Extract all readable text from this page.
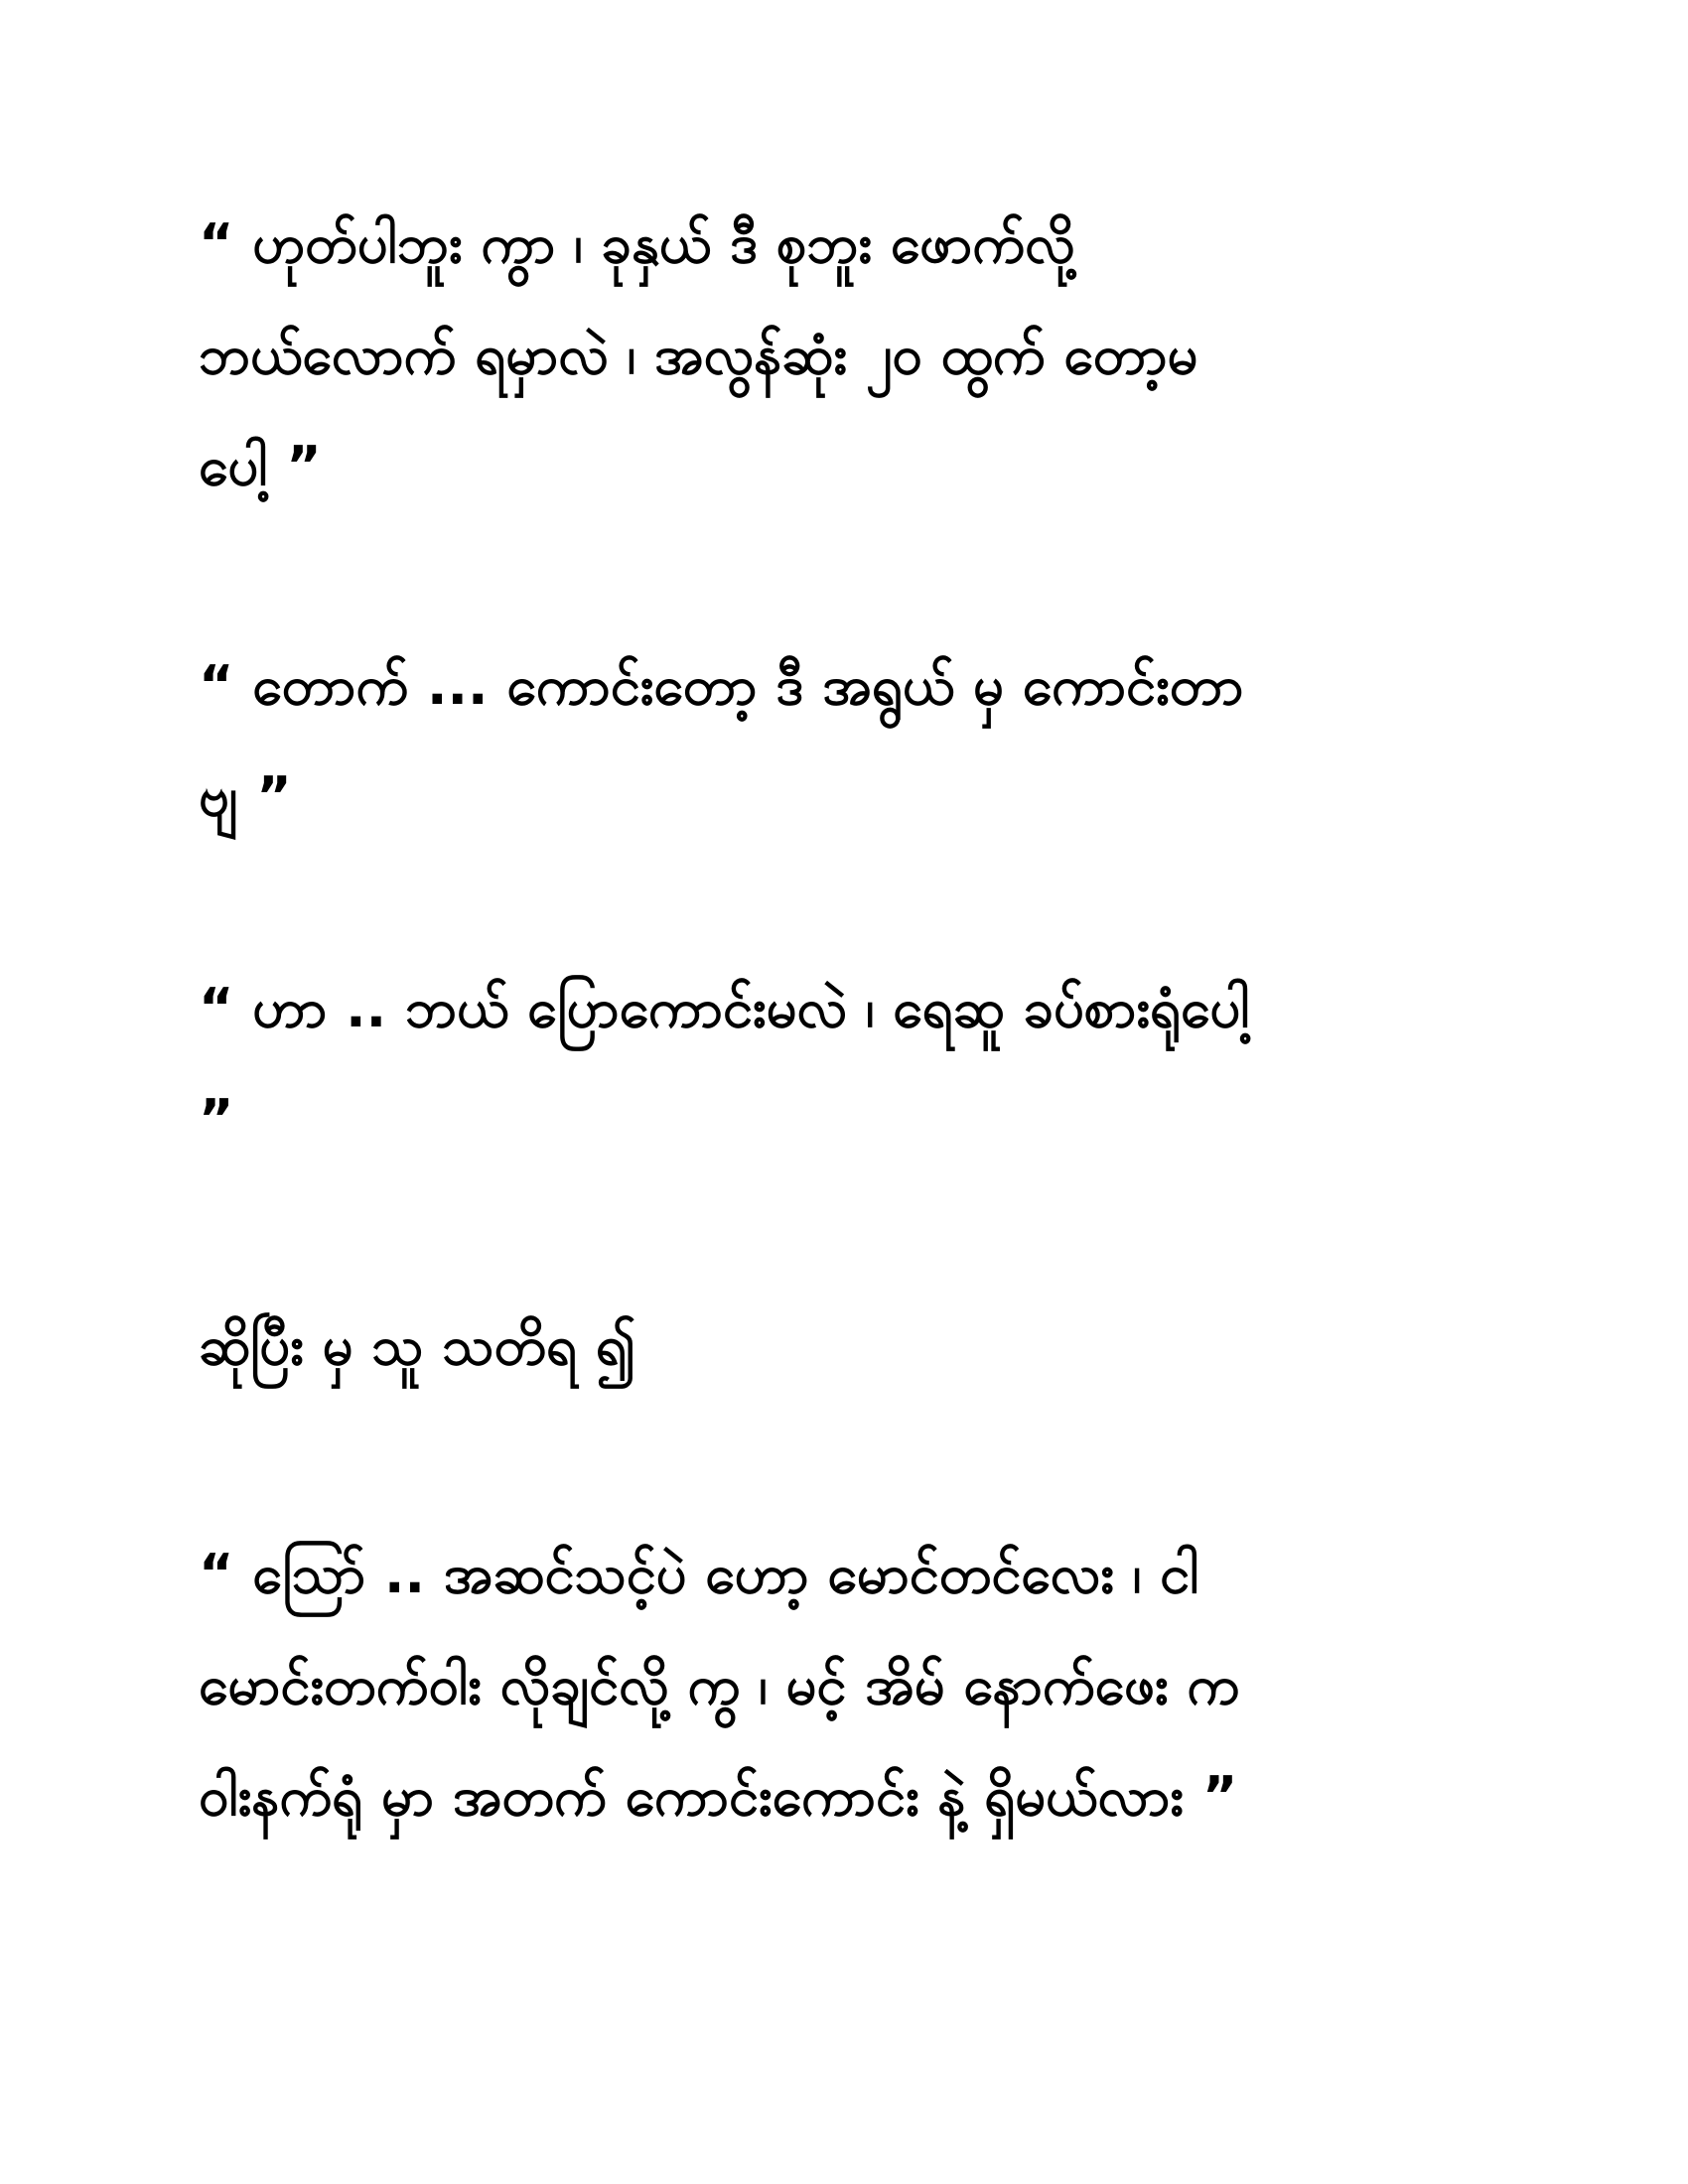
“ ဟုတ်ပါဘူး ကွာ ၊ ခုနှယ် ဒီ စုဘူး ဖောက်လို့
ဘယ်လောက် ရမှာလဲ ၊ အလွန်ဆုံး ၂၀ ထွက် တော့မ
ပေါ့ ”
“ တောက် ... ကောင်းတော့ ဒီ အရွယ် မှ ကောင်းတာ
ဗျ ”
“ ဟာ .. ဘယ် ပြောကောင်းမလဲ ၊ ရေဆူ ခပ်စားရုံပေါ့
”
ဆိုပြီး မှ သူ သတိရ ၍
“ ဩော် .. အဆင်သင့်ပဲ ဟော့ မောင်တင်လေး ၊ ငါ
မောင်းတက်ဝါး လိုချင်လို့ ကွ ၊ မင့် အိမ် နောက်ဖေး က
ဝါးနက်ရုံ မှာ အတက် ကောင်းကောင်း နဲ့ ရှိမယ်လား ”
